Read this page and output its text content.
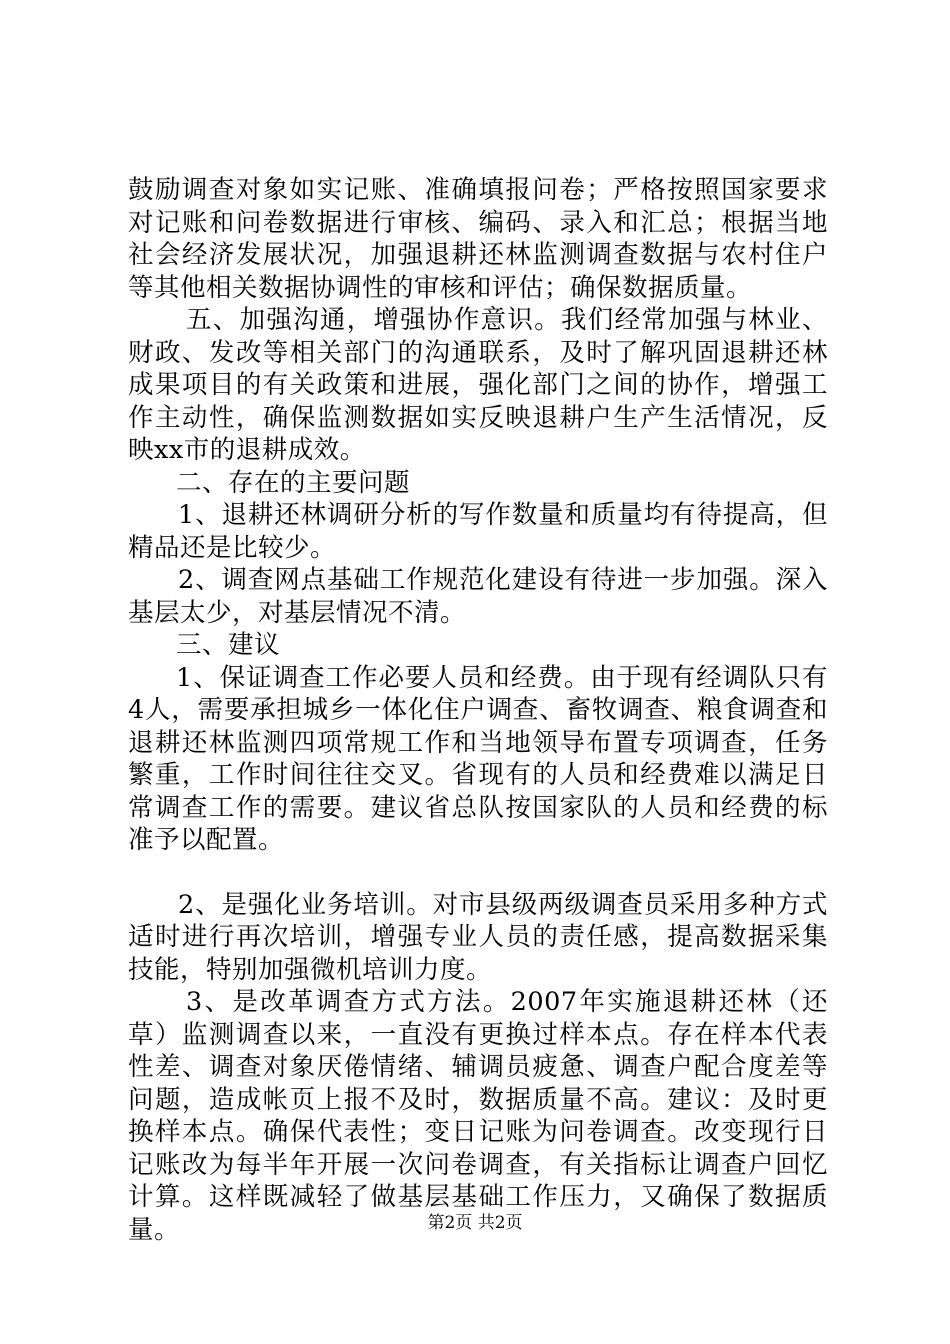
鼓励调查对象如实记账、准确填报问卷；严格按照国家要求对记账和问卷数据进行审核、编码、录入和汇总；根据当地社会经济发展状况，加强退耕还林监测调查数据与农村住户等其他相关数据协调性的审核和评估；确保数据质量。

五、加强沟通，增强协作意识。我们经常加强与林业、财政、发改等相关部门的沟通联系，及时了解巩固退耕还林成果项目的有关政策和进展，强化部门之间的协作，增强工作主动性，确保监测数据如实反映退耕户生产生活情况，反映xx市的退耕成效。

二、存在的主要问题

1、退耕还林调研分析的写作数量和质量均有待提高，但精品还是比较少。

2、调查网点基础工作规范化建设有待进一步加强。深入基层太少，对基层情况不清。

三、建议

1、保证调查工作必要人员和经费。由于现有经调队只有4人，需要承担城乡一体化住户调查、畜牧调查、粮食调查和退耕还林监测四项常规工作和当地领导布置专项调查，任务繁重，工作时间往往交叉。省现有的人员和经费难以满足日常调查工作的需要。建议省总队按国家队的人员和经费的标准予以配置。

2、是强化业务培训。对市县级两级调查员采用多种方式适时进行再次培训，增强专业人员的责任感，提高数据采集技能，特别加强微机培训力度。

3、是改革调查方式方法。2007年实施退耕还林（还草）监测调查以来，一直没有更换过样本点。存在样本代表性差、调查对象厌倦情绪、辅调员疲惫、调查户配合度差等问题，造成帐页上报不及时，数据质量不高。建议：及时更换样本点。确保代表性；变日记账为问卷调查。改变现行日记账改为每半年开展一次问卷调查，有关指标让调查户回忆计算。这样既减轻了做基层基础工作压力，又确保了数据质量。	第2页 共2页
